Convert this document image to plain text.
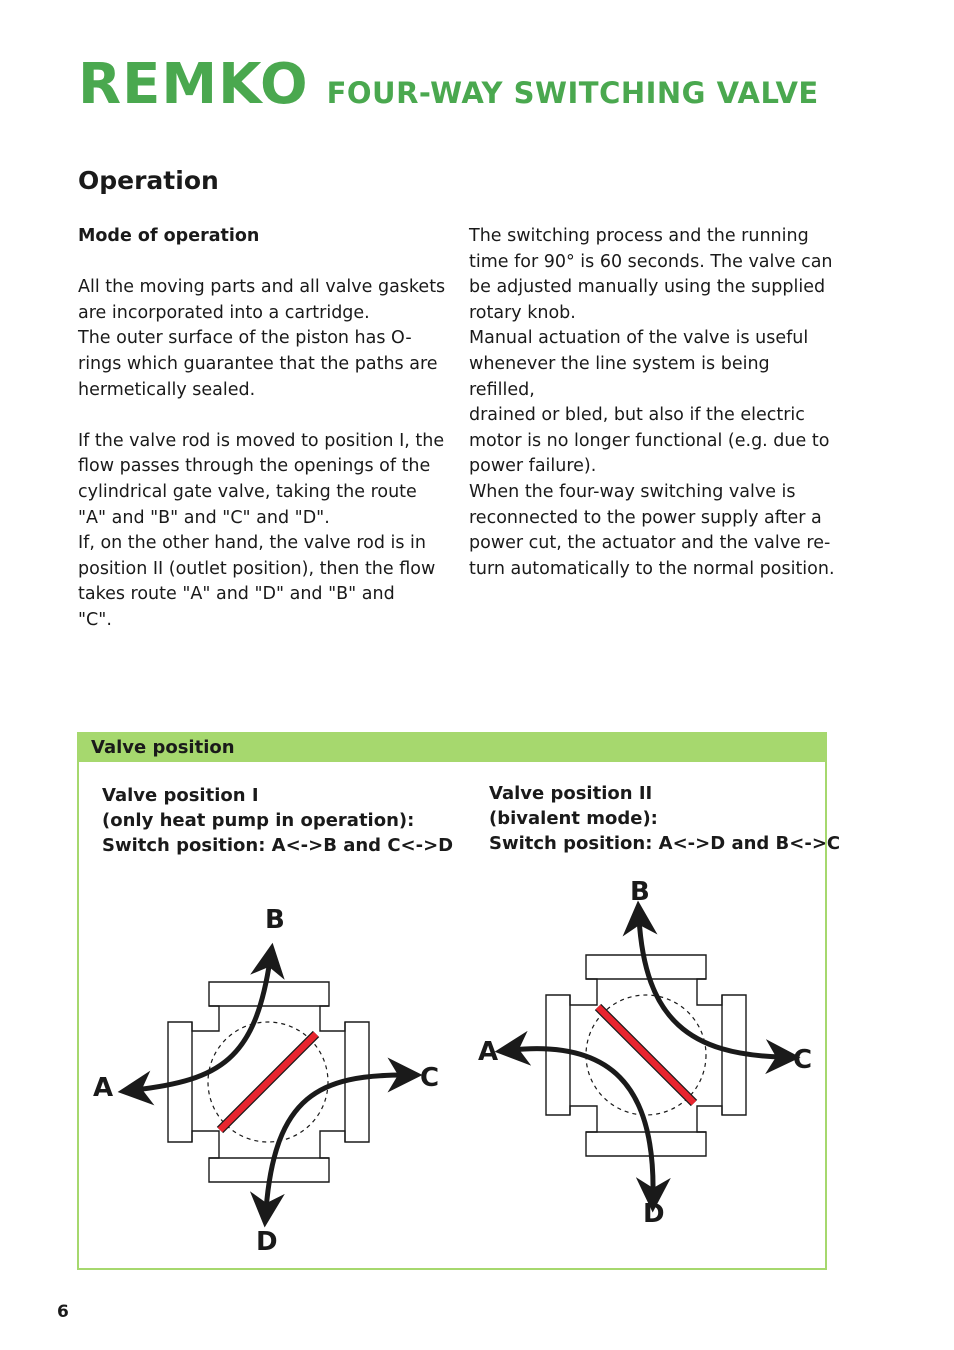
REMKO FOUR-WAY SWITCHING VALVE
Operation

Mode of operation

All the moving parts and all valve gaskets
are incorporated into a cartridge.
The outer surface of the piston has O-
rings which guarantee that the paths are
hermetically sealed.

If the valve rod is moved to position I, the
flow passes through the openings of the
cylindrical gate valve, taking the route
"A" and "B" and "C" and "D".
If, on the other hand, the valve rod is in
position II (outlet position), then the flow
takes route "A" and "D" and "B" and
"C".

The switching process and the running
time for 90° is 60 seconds. The valve can
be adjusted manually using the supplied
rotary knob.
Manual actuation of the valve is useful
whenever the line system is being refilled,
drained or bled, but also if the electric
motor is no longer functional (e.g. due to
power failure).
When the four-way switching valve is
reconnected to the power supply after a
power cut, the actuator and the valve re-
turn automatically to the normal position.

Valve position
Valve position I
(only heat pump in operation):
Switch position: A<->B and C<->D
Valve position II
(bivalent mode):
Switch position: A<->D and B<->C
B
A	C
D
B
A	C
D
6
